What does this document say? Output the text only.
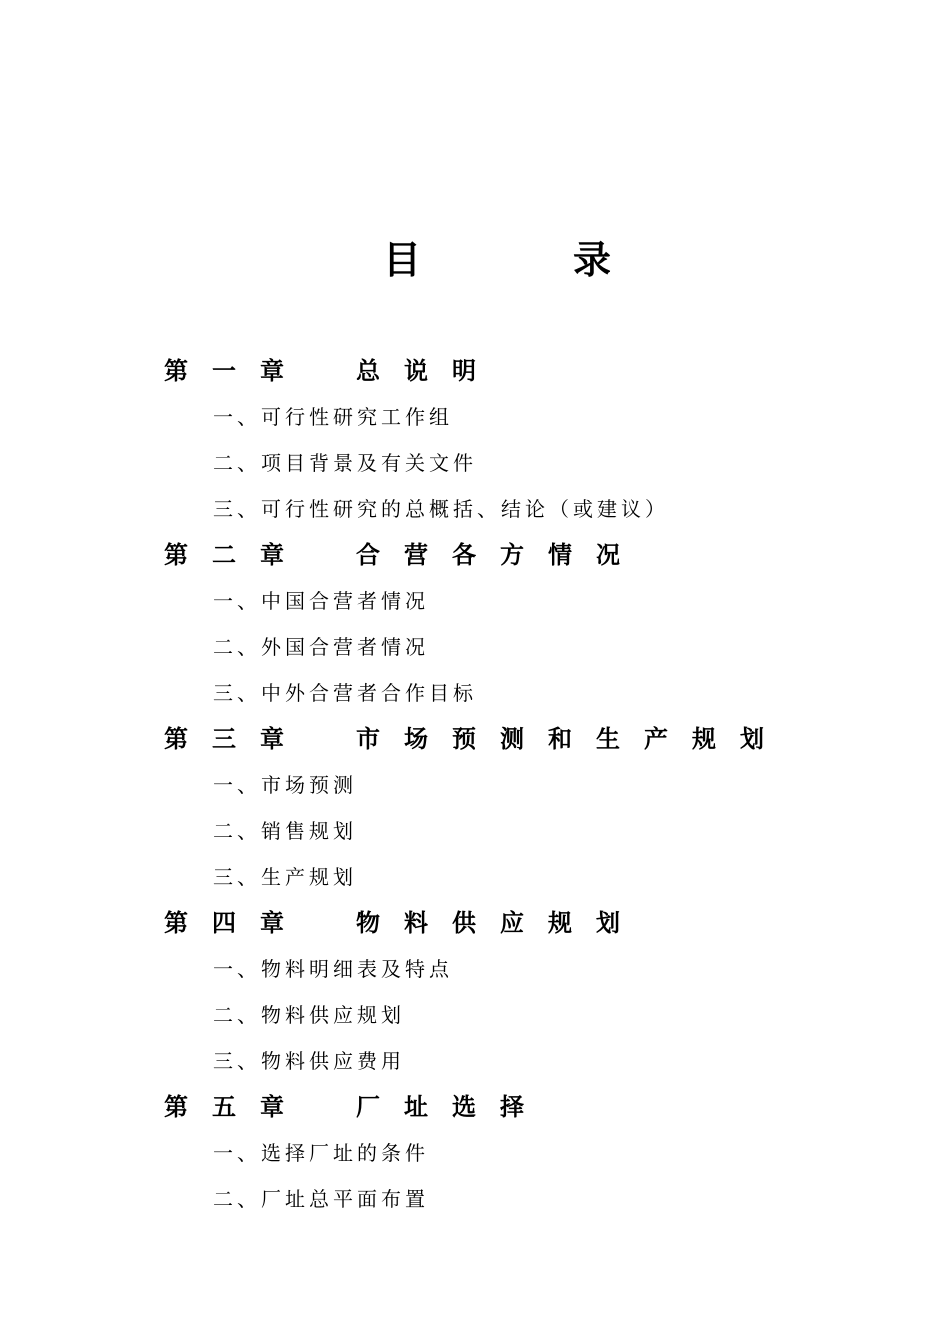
目	录
第一章 总说明
一、可行性研究工作组
二、项目背景及有关文件
三、可行性研究的总概括、结论（或建议）
第二章 合营各方情况
一、中国合营者情况
二、外国合营者情况
三、中外合营者合作目标
第三章 市场预测和生产规划
一、市场预测
二、销售规划
三、生产规划
第四章 物料供应规划
一、物料明细表及特点
二、物料供应规划
三、物料供应费用
第五章 厂址选择
一、选择厂址的条件
二、厂址总平面布置
